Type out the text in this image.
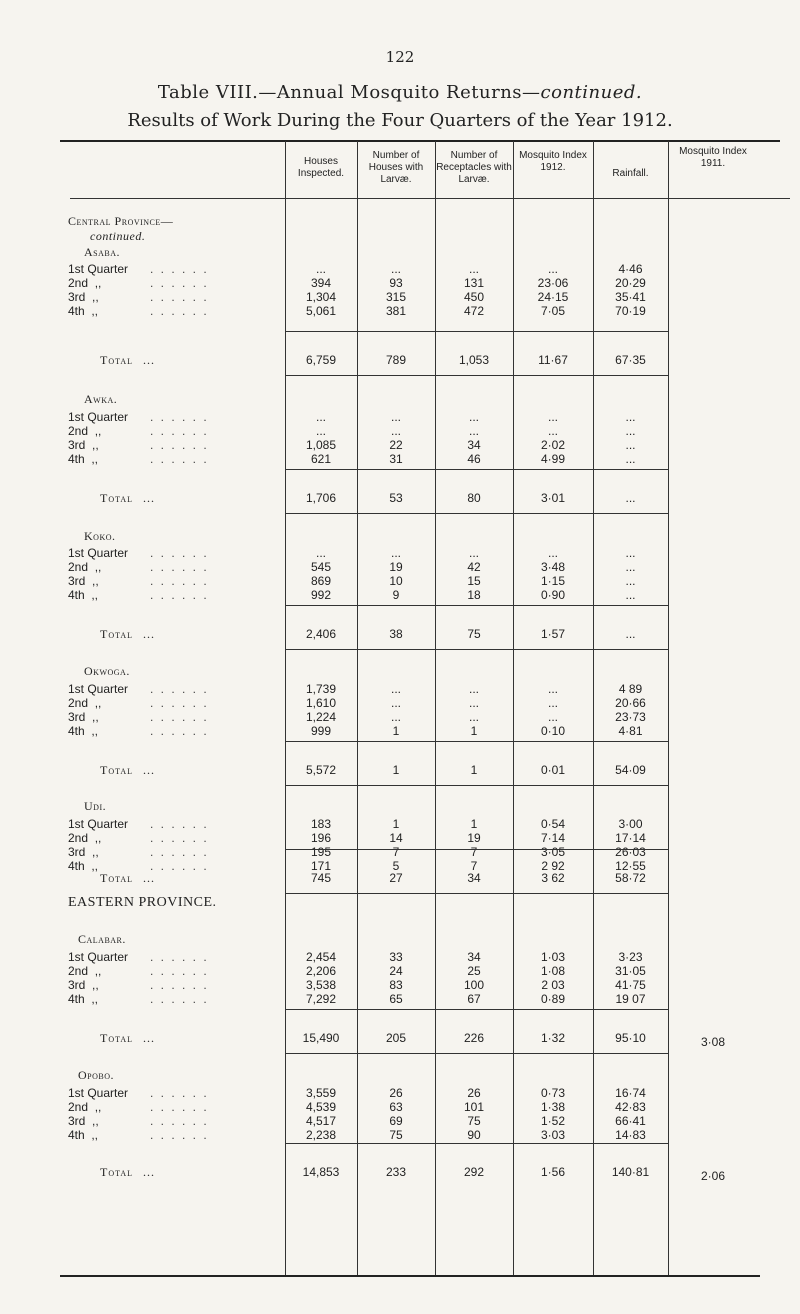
122
Table VIII.—Annual Mosquito Returns—continued.
Results of Work During the Four Quarters of the Year 1912.
Houses Inspected.
Number of Houses with Larvæ.
Number of Receptacles with Larvæ.
Mosquito Index 1912.
Rainfall.
Mosquito Index 1911.
Central Province—
continued.
EASTERN PROVINCE.
Asaba.
1st Quarter . . . . . .	...	...	...	...	4·46
2nd  ,,	. . . . . .	394	93	131	23·06	20·29
3rd  ,,	. . . . . .	1,304	315	450	24·15	35·41
4th  ,,	. . . . . .	5,061	381	472	7·05	70·19
Total ...	6,759	789	1,053	11·67	67·35
Awka.
1st Quarter . . . . . .	...	...	...	...	...
2nd  ,,	. . . . . .	...	...	...	...	...
3rd  ,,	. . . . . .	1,085	22	34	2·02	...
4th  ,,	. . . . . .	621	31	46	4·99	...
Total ...	1,706	53	80	3·01	...
Koko.
1st Quarter . . . . . .	...	...	...	...	...
2nd  ,,	. . . . . .	545	19	42	3·48	...
3rd  ,,	. . . . . .	869	10	15	1·15	...
4th  ,,	. . . . . .	992	9	18	0·90	...
Total ...	2,406	38	75	1·57	...
Okwoga.
1st Quarter . . . . . .	1,739	...	...	...	4 89
2nd  ,,	. . . . . .	1,610	...	...	...	20·66
3rd  ,,	. . . . . .	1,224	...	...	...	23·73
4th  ,,	. . . . . .	999	1	1	0·10	4·81
Total ...	5,572	1	1	0·01	54·09
Udi.
1st Quarter . . . . . .	183	1	1	0·54	3·00
2nd  ,,	. . . . . .	196	14	19	7·14	17·14
3rd  ,,	. . . . . .	195	7	7	3·05	26·03
4th  ,,	. . . . . .	171	5	7	2 92	12·55
Total ...	745	27	34	3 62	58·72
Calabar.
1st Quarter . . . . . .	2,454	33	34	1·03	3·23
2nd  ,,	. . . . . .	2,206	24	25	1·08	31·05
3rd  ,,	. . . . . .	3,538	83	100	2 03	41·75
4th  ,,	. . . . . .	7,292	65	67	0·89	19 07
Total ...	15,490	205	226	1·32	95·10	3·08
Opobo.
1st Quarter . . . . . .	3,559	26	26	0·73	16·74
2nd  ,,	. . . . . .	4,539	63	101	1·38	42·83
3rd  ,,	. . . . . .	4,517	69	75	1·52	66·41
4th  ,,	. . . . . .	2,238	75	90	3·03	14·83
Total ...	14,853	233	292	1·56	140·81	2·06
